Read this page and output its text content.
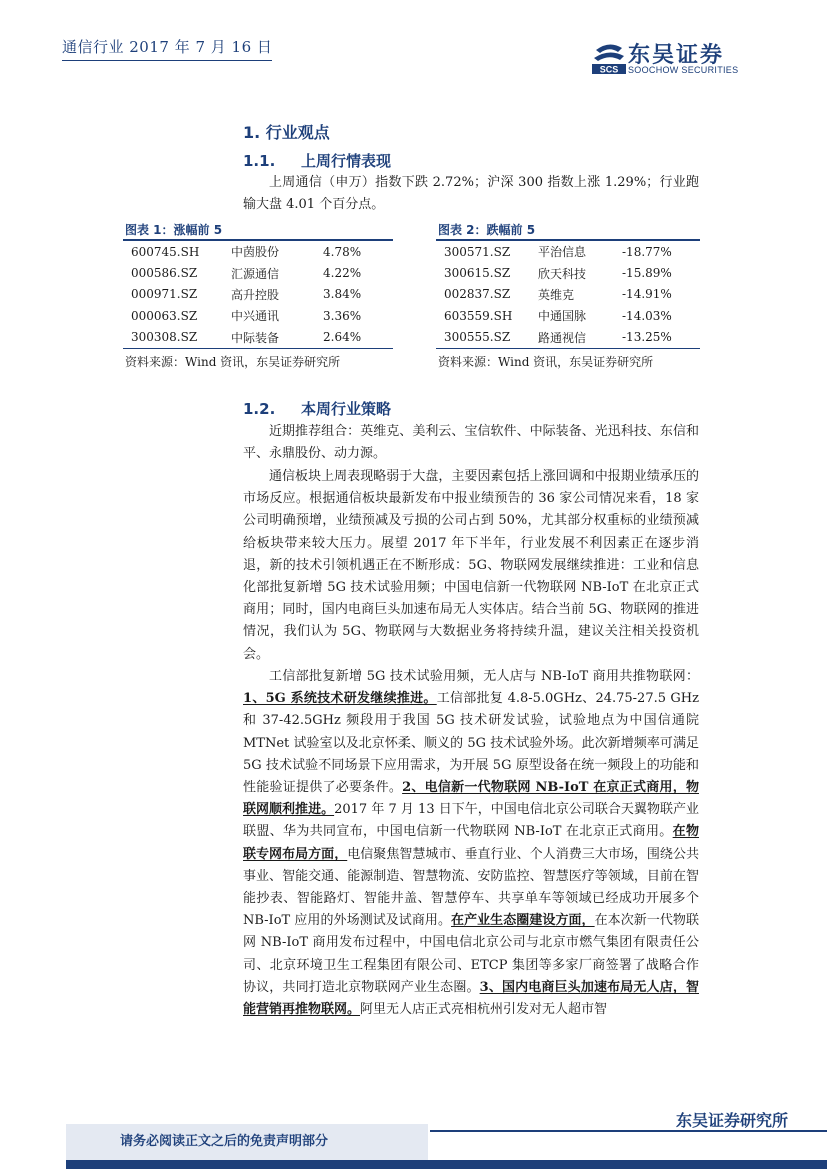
通信行业 2017 年 7 月 16 日
SCS
东吴证券
SOOCHOW SECURITIES
1. 行业观点
1.1. 上周行情表现

上周通信（申万）指数下跌 2.72%；沪深 300 指数上涨 1.29%；行业跑输大盘 4.01 个百分点。

图表 1：涨幅前 5
600745.SH	中茵股份	4.78%
000586.SZ	汇源通信	4.22%
000971.SZ	高升控股	3.84%
000063.SZ	中兴通讯	3.36%
300308.SZ	中际装备	2.64%

资料来源：Wind 资讯，东吴证券研究所
图表 2：跌幅前 5
300571.SZ	平治信息	-18.77%
300615.SZ	欣天科技	-15.89%
002837.SZ	英维克	-14.91%
603559.SH	中通国脉	-14.03%
300555.SZ	路通视信	-13.25%

资料来源：Wind 资讯，东吴证券研究所
1.2. 本周行业策略

近期推荐组合：英维克、美利云、宝信软件、中际装备、光迅科技、东信和平、永鼎股份、动力源。

通信板块上周表现略弱于大盘，主要因素包括上涨回调和中报期业绩承压的市场反应。根据通信板块最新发布中报业绩预告的 36 家公司情况来看，18 家公司明确预增，业绩预减及亏损的公司占到 50%，尤其部分权重标的业绩预减给板块带来较大压力。展望 2017 年下半年，行业发展不利因素正在逐步消退，新的技术引领机遇正在不断形成：5G、物联网发展继续推进：工业和信息化部批复新增 5G 技术试验用频；中国电信新一代物联网 NB-IoT 在北京正式商用；同时，国内电商巨头加速布局无人实体店。结合当前 5G、物联网的推进情况，我们认为 5G、物联网与大数据业务将持续升温，建议关注相关投资机会。

工信部批复新增 5G 技术试验用频，无人店与 NB-IoT 商用共推物联网：1、5G 系统技术研发继续推进。工信部批复 4.8-5.0GHz、24.75-27.5 GHz 和 37-42.5GHz 频段用于我国 5G 技术研发试验，试验地点为中国信通院 MTNet 试验室以及北京怀柔、顺义的 5G 技术试验外场。此次新增频率可满足 5G 技术试验不同场景下应用需求，为开展 5G 原型设备在统一频段上的功能和性能验证提供了必要条件。2、电信新一代物联网 NB-IoT 在京正式商用，物联网顺利推进。2017 年 7 月 13 日下午，中国电信北京公司联合天翼物联产业联盟、华为共同宣布，中国电信新一代物联网 NB-IoT 在北京正式商用。在物联专网布局方面，电信聚焦智慧城市、垂直行业、个人消费三大市场，围绕公共事业、智能交通、能源制造、智慧物流、安防监控、智慧医疗等领域，目前在智能抄表、智能路灯、智能井盖、智慧停车、共享单车等领域已经成功开展多个 NB-IoT 应用的外场测试及试商用。在产业生态圈建设方面，在本次新一代物联网 NB-IoT 商用发布过程中，中国电信北京公司与北京市燃气集团有限责任公司、北京环境卫生工程集团有限公司、ETCP 集团等多家厂商签署了战略合作协议，共同打造北京物联网产业生态圈。3、国内电商巨头加速布局无人店，智能营销再推物联网。阿里无人店正式亮相杭州引发对无人超市智

请务必阅读正文之后的免责声明部分
东吴证券研究所
